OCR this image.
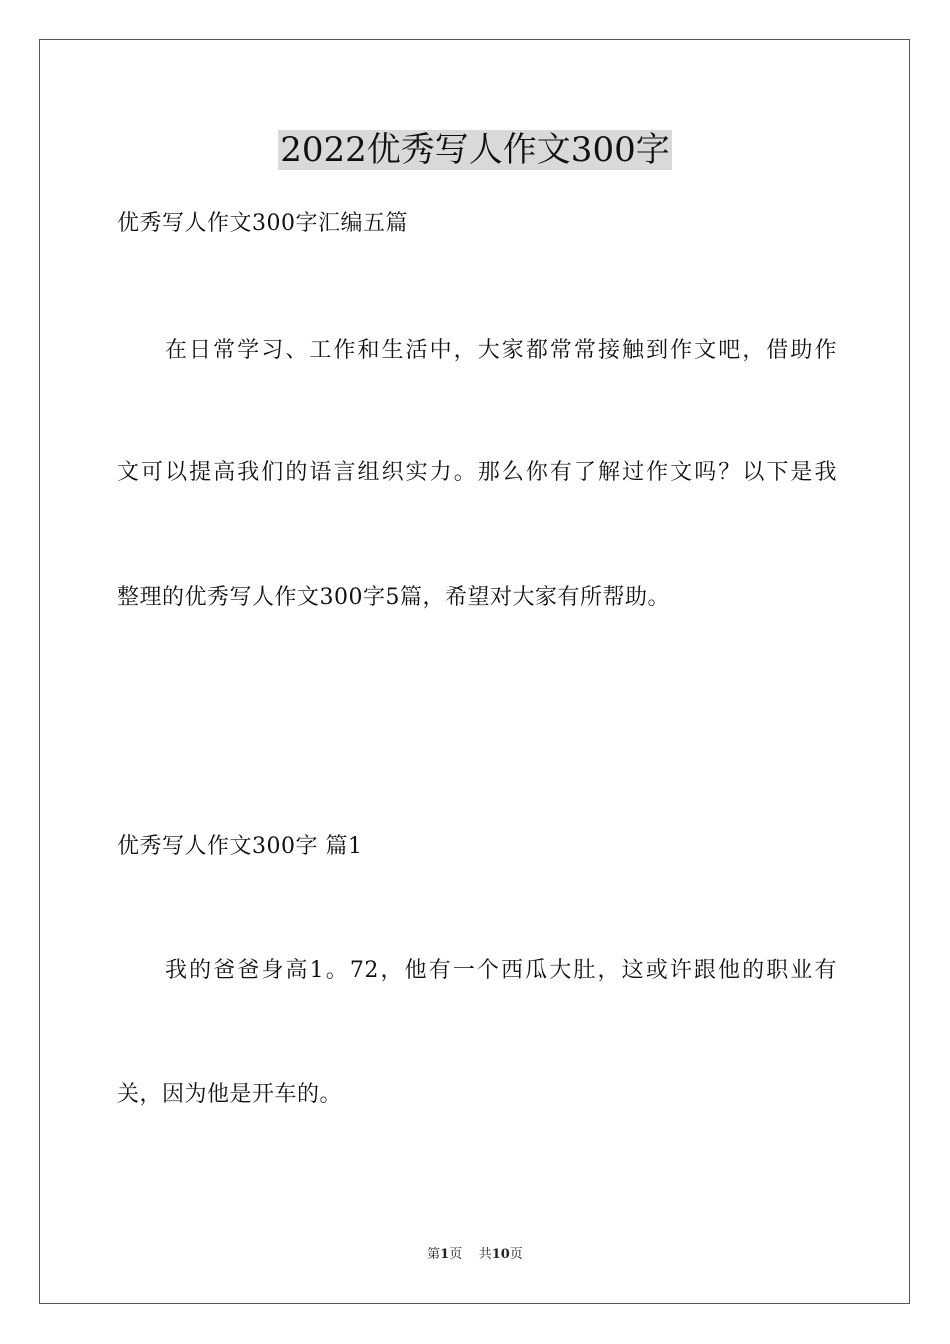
2022优秀写人作文300字
优秀写人作文300字汇编五篇
在日常学习、工作和生活中，大家都常常接触到作文吧，借助作
文可以提高我们的语言组织实力。那么你有了解过作文吗？以下是我
整理的优秀写人作文300字5篇，希望对大家有所帮助。
优秀写人作文300字 篇1
我的爸爸身高1。72，他有一个西瓜大肚，这或许跟他的职业有
关，因为他是开车的。
第1页 共10页
